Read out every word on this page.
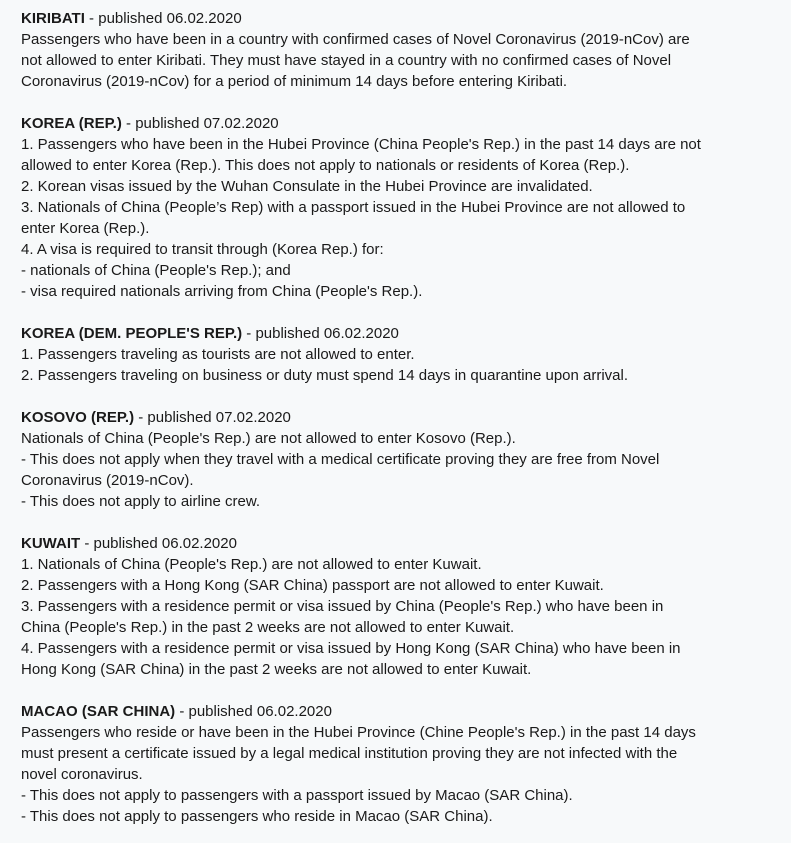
KIRIBATI - published 06.02.2020
Passengers who have been in a country with confirmed cases of Novel Coronavirus (2019-nCov) are
not allowed to enter Kiribati. They must have stayed in a country with no confirmed cases of Novel
Coronavirus (2019-nCov) for a period of minimum 14 days before entering Kiribati.
KOREA (REP.) - published 07.02.2020
1. Passengers who have been in the Hubei Province (China People's Rep.) in the past 14 days are not
allowed to enter Korea (Rep.). This does not apply to nationals or residents of Korea (Rep.).
2. Korean visas issued by the Wuhan Consulate in the Hubei Province are invalidated.
3. Nationals of China (People’s Rep) with a passport issued in the Hubei Province are not allowed to
enter Korea (Rep.).
4. A visa is required to transit through (Korea Rep.) for:
- nationals of China (People's Rep.); and
- visa required nationals arriving from China (People's Rep.).
KOREA (DEM. PEOPLE'S REP.) - published 06.02.2020
1. Passengers traveling as tourists are not allowed to enter.
2. Passengers traveling on business or duty must spend 14 days in quarantine upon arrival.
KOSOVO (REP.) - published 07.02.2020
Nationals of China (People's Rep.) are not allowed to enter Kosovo (Rep.).
- This does not apply when they travel with a medical certificate proving they are free from Novel
Coronavirus (2019-nCov).
- This does not apply to airline crew.
KUWAIT - published 06.02.2020
1. Nationals of China (People's Rep.) are not allowed to enter Kuwait.
2. Passengers with a Hong Kong (SAR China) passport are not allowed to enter Kuwait.
3. Passengers with a residence permit or visa issued by China (People's Rep.) who have been in
China (People's Rep.) in the past 2 weeks are not allowed to enter Kuwait.
4. Passengers with a residence permit or visa issued by Hong Kong (SAR China) who have been in
Hong Kong (SAR China) in the past 2 weeks are not allowed to enter Kuwait.
MACAO (SAR CHINA) - published 06.02.2020
Passengers who reside or have been in the Hubei Province (Chine People's Rep.) in the past 14 days
must present a certificate issued by a legal medical institution proving they are not infected with the
novel coronavirus.
- This does not apply to passengers with a passport issued by Macao (SAR China).
- This does not apply to passengers who reside in Macao (SAR China).
